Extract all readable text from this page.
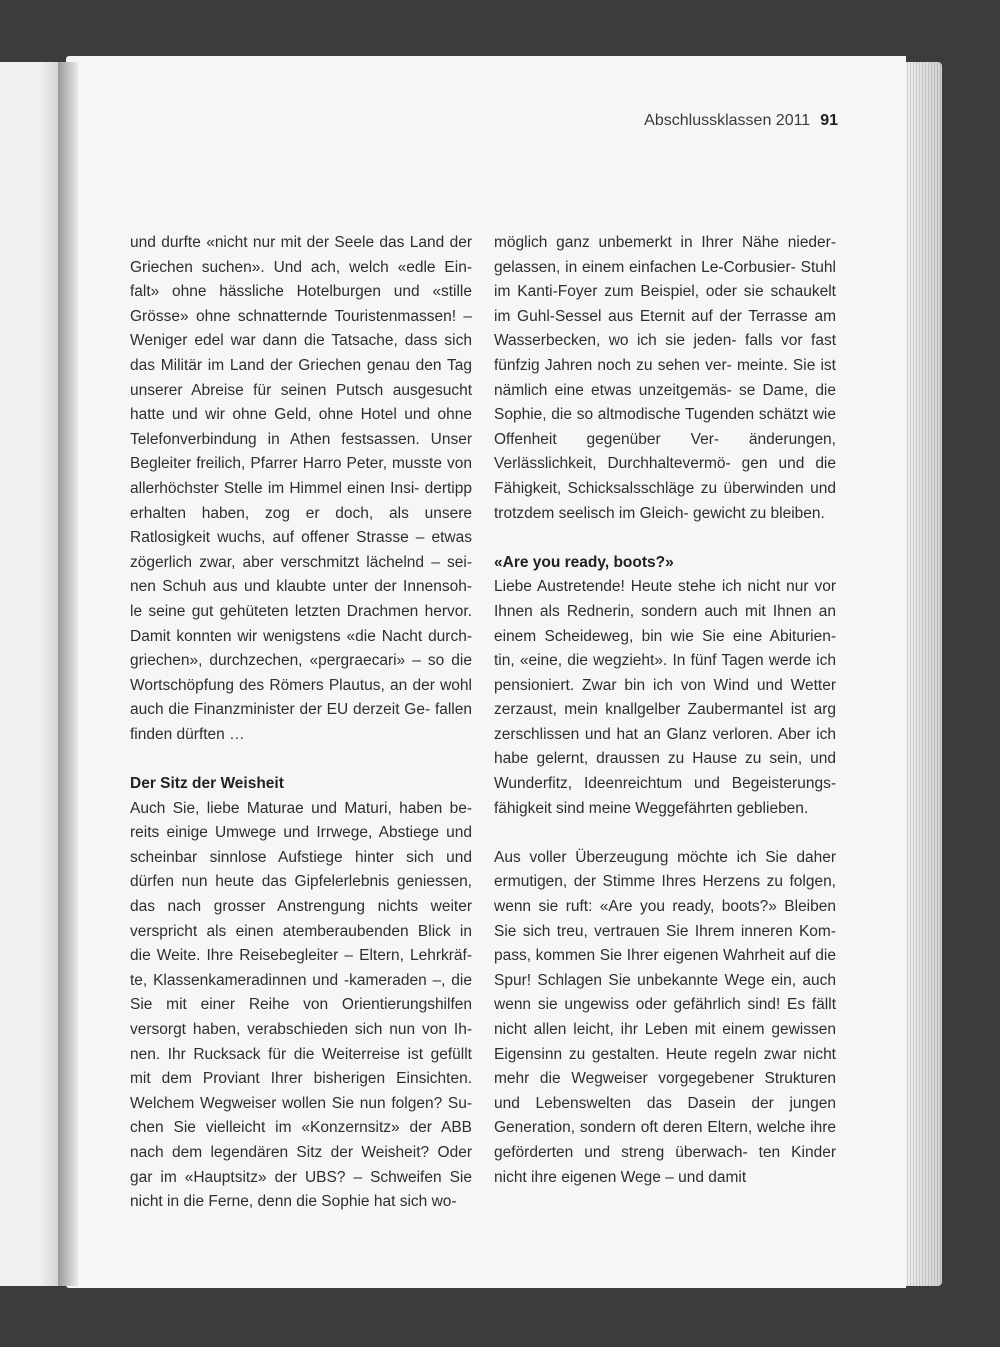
Abschlussklassen 2011 91

und durfte «nicht nur mit der Seele das Land der Griechen suchen». Und ach, welch «edle Ein- falt» ohne hässliche Hotelburgen und «stille Grösse» ohne schnatternde Touristenmassen! – Weniger edel war dann die Tatsache, dass sich das Militär im Land der Griechen genau den Tag unserer Abreise für seinen Putsch ausgesucht hatte und wir ohne Geld, ohne Hotel und ohne Telefonverbindung in Athen festsassen. Unser Begleiter freilich, Pfarrer Harro Peter, musste von allerhöchster Stelle im Himmel einen Insi- dertipp erhalten haben, zog er doch, als unsere Ratlosigkeit wuchs, auf offener Strasse – etwas zögerlich zwar, aber verschmitzt lächelnd – sei- nen Schuh aus und klaubte unter der Innensoh- le seine gut gehüteten letzten Drachmen hervor. Damit konnten wir wenigstens «die Nacht durch- griechen», durchzechen, «pergraecari» – so die Wortschöpfung des Römers Plautus, an der wohl auch die Finanzminister der EU derzeit Ge- fallen finden dürften …

Der Sitz der Weisheit

Auch Sie, liebe Maturae und Maturi, haben be- reits einige Umwege und Irrwege, Abstiege und scheinbar sinnlose Aufstiege hinter sich und dürfen nun heute das Gipfelerlebnis geniessen, das nach grosser Anstrengung nichts weiter verspricht als einen atemberaubenden Blick in die Weite. Ihre Reisebegleiter – Eltern, Lehrkräf- te, Klassenkameradinnen und -kameraden –, die Sie mit einer Reihe von Orientierungshilfen versorgt haben, verabschieden sich nun von Ih- nen. Ihr Rucksack für die Weiterreise ist gefüllt mit dem Proviant Ihrer bisherigen Einsichten. Welchem Wegweiser wollen Sie nun folgen? Su- chen Sie vielleicht im «Konzernsitz» der ABB nach dem legendären Sitz der Weisheit? Oder gar im «Hauptsitz» der UBS? – Schweifen Sie nicht in die Ferne, denn die Sophie hat sich wo-

möglich ganz unbemerkt in Ihrer Nähe nieder- gelassen, in einem einfachen Le-Corbusier- Stuhl im Kanti-Foyer zum Beispiel, oder sie schaukelt im Guhl-Sessel aus Eternit auf der Terrasse am Wasserbecken, wo ich sie jeden- falls vor fast fünfzig Jahren noch zu sehen ver- meinte. Sie ist nämlich eine etwas unzeitgemäs- se Dame, die Sophie, die so altmodische Tugenden schätzt wie Offenheit gegenüber Ver- änderungen, Verlässlichkeit, Durchhaltevermö- gen und die Fähigkeit, Schicksalsschläge zu überwinden und trotzdem seelisch im Gleich- gewicht zu bleiben.

«Are you ready, boots?»

Liebe Austretende! Heute stehe ich nicht nur vor Ihnen als Rednerin, sondern auch mit Ihnen an einem Scheideweg, bin wie Sie eine Abiturien- tin, «eine, die wegzieht». In fünf Tagen werde ich pensioniert. Zwar bin ich von Wind und Wetter zerzaust, mein knallgelber Zaubermantel ist arg zerschlissen und hat an Glanz verloren. Aber ich habe gelernt, draussen zu Hause zu sein, und Wunderfitz, Ideenreichtum und Begeisterungs- fähigkeit sind meine Weggefährten geblieben.

Aus voller Überzeugung möchte ich Sie daher ermutigen, der Stimme Ihres Herzens zu folgen, wenn sie ruft: «Are you ready, boots?» Bleiben Sie sich treu, vertrauen Sie Ihrem inneren Kom- pass, kommen Sie Ihrer eigenen Wahrheit auf die Spur! Schlagen Sie unbekannte Wege ein, auch wenn sie ungewiss oder gefährlich sind! Es fällt nicht allen leicht, ihr Leben mit einem gewissen Eigensinn zu gestalten. Heute regeln zwar nicht mehr die Wegweiser vorgegebener Strukturen und Lebenswelten das Dasein der jungen Generation, sondern oft deren Eltern, welche ihre geförderten und streng überwach- ten Kinder nicht ihre eigenen Wege – und damit
